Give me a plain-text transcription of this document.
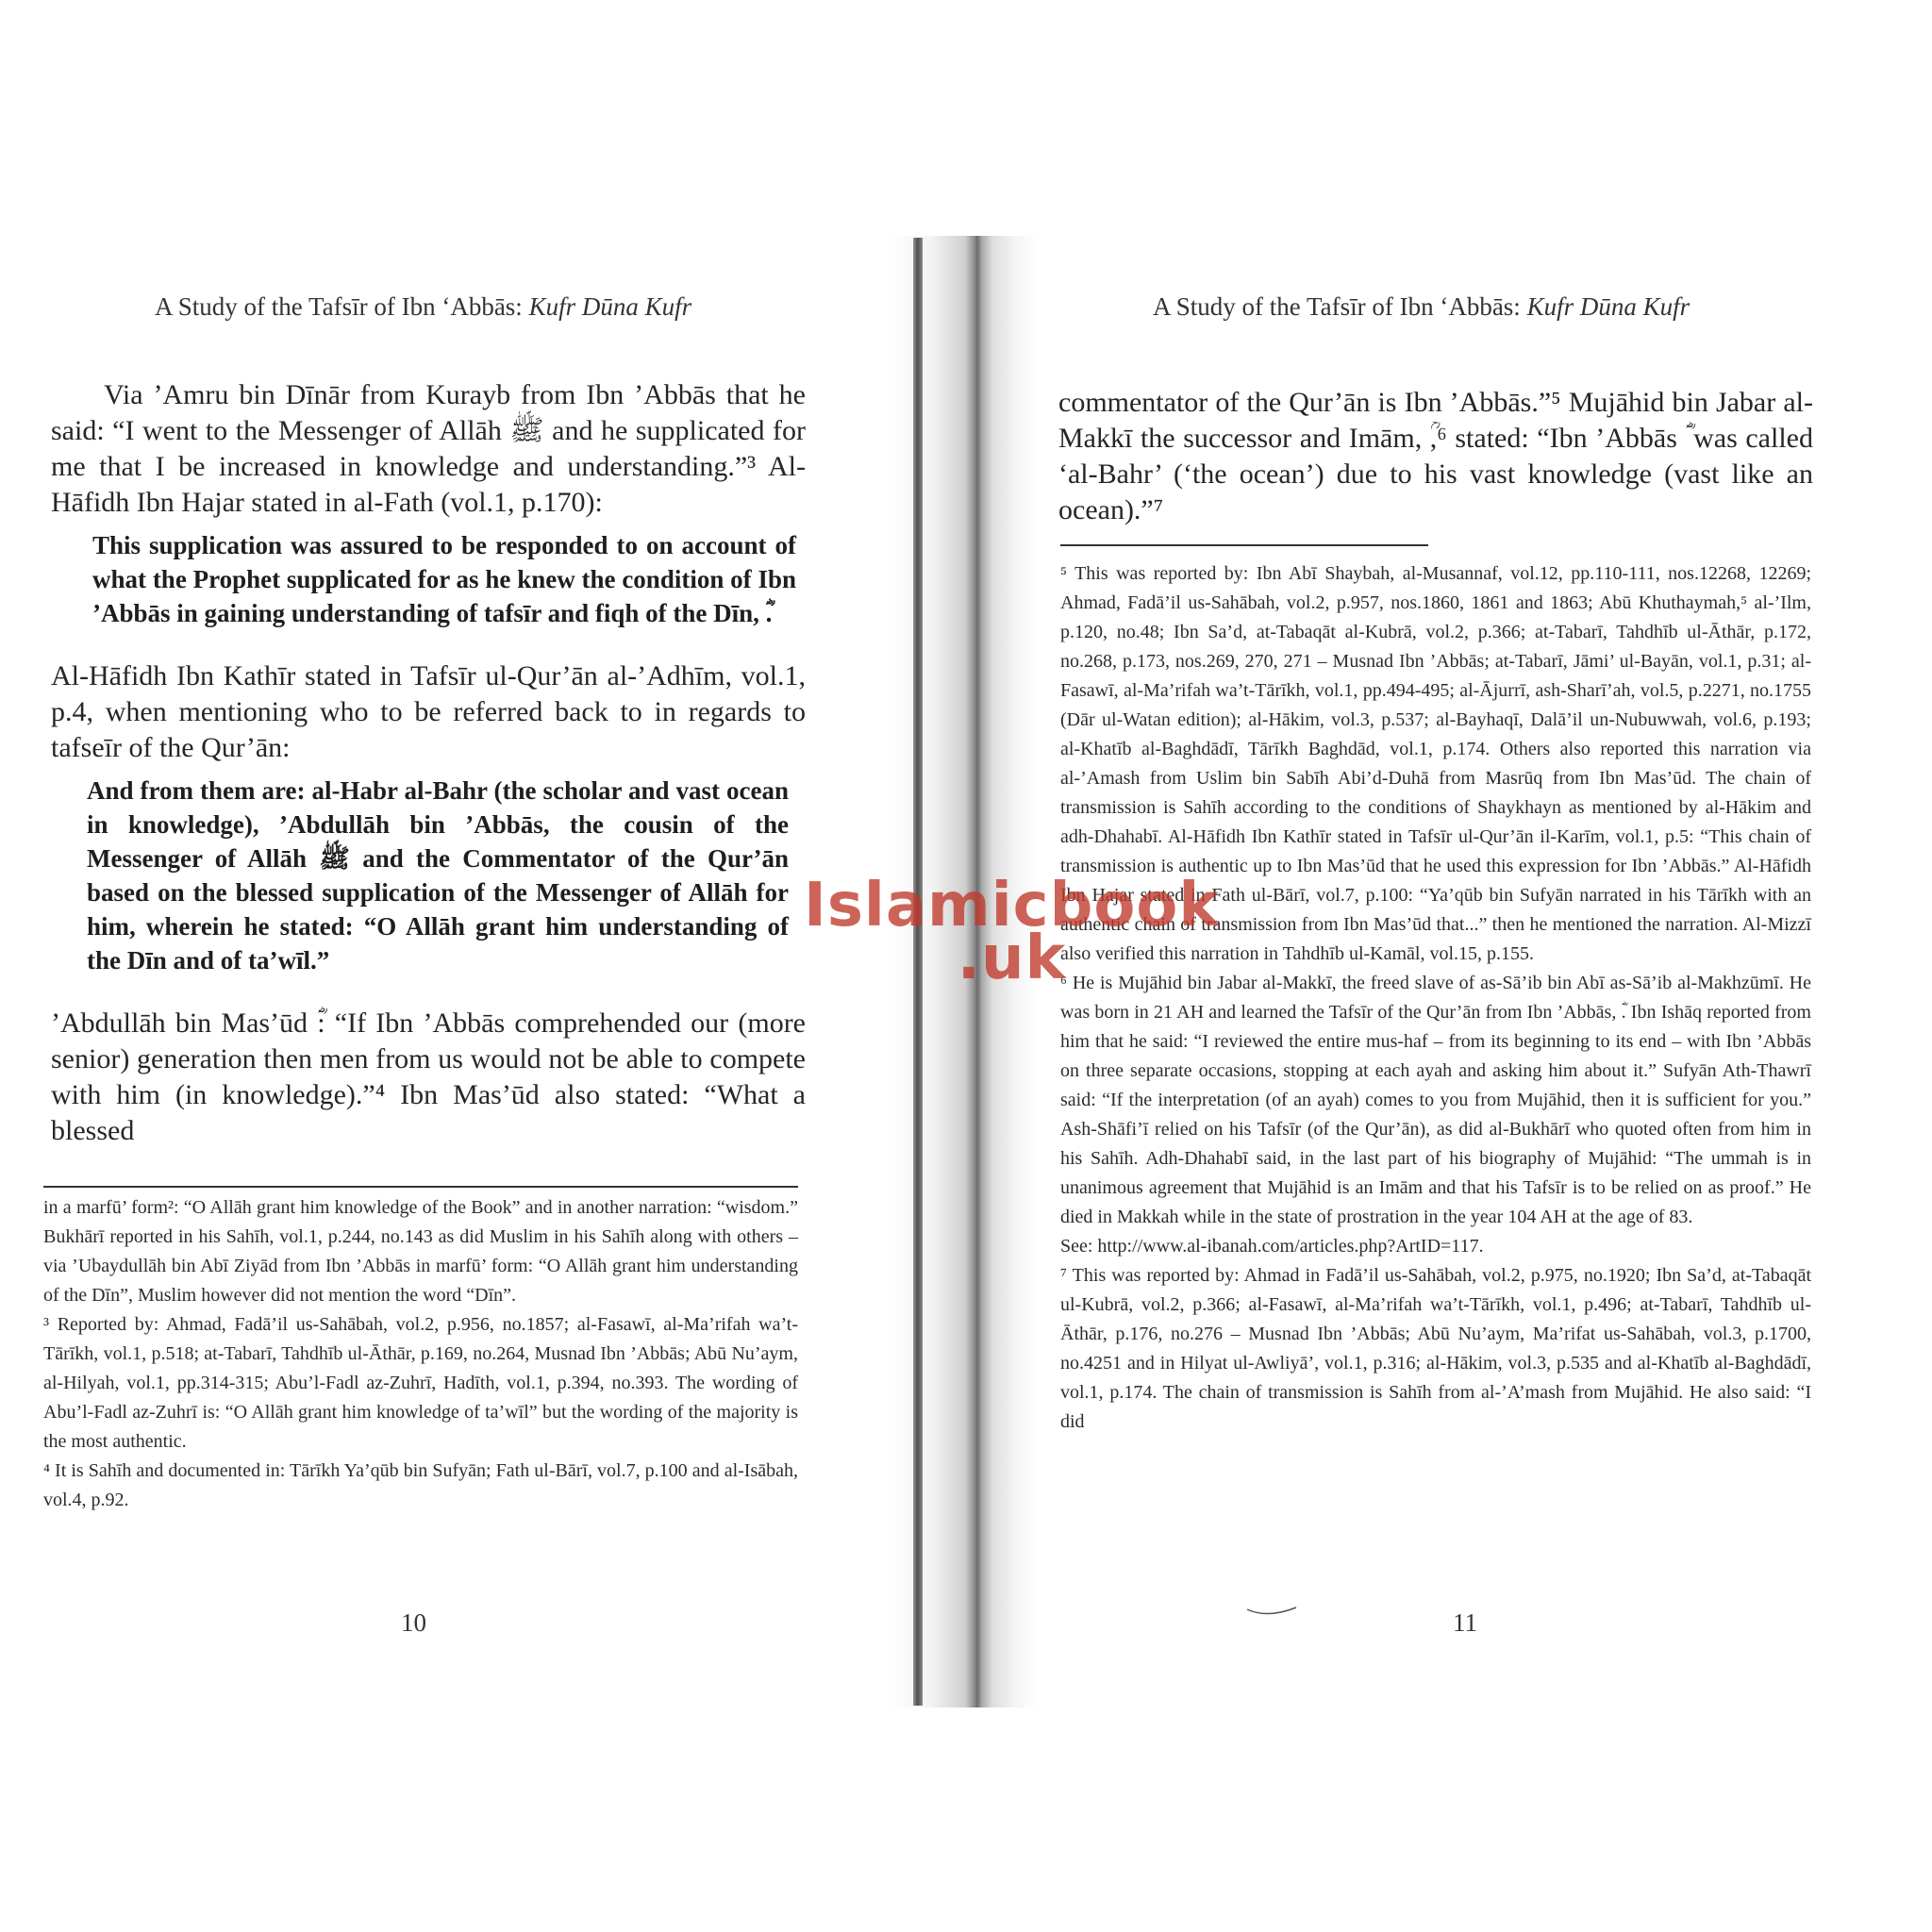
A Study of the Tafsīr of Ibn ‘Abbās: Kufr Dūna Kufr
Via ’Amru bin Dīnār from Kurayb from Ibn ’Abbās that he said: “I went to the Messenger of Allāh ﷺ and he supplicated for me that I be increased in knowledge and understanding.”³ Al-Hāfidh Ibn Hajar stated in al-Fath (vol.1, p.170):
This supplication was assured to be responded to on account of what the Prophet supplicated for as he knew the condition of Ibn ’Abbās in gaining understanding of tafsīr and fiqh of the Dīn, ؓ.
Al-Hāfidh Ibn Kathīr stated in Tafsīr ul-Qur’ān al-’Adhīm, vol.1, p.4, when mentioning who to be referred back to in regards to tafseīr of the Qur’ān:
And from them are: al-Habr al-Bahr (the scholar and vast ocean in knowledge), ’Abdullāh bin ’Abbās, the cousin of the Messenger of Allāh ﷺ and the Commentator of the Qur’ān based on the blessed supplication of the Messenger of Allāh for him, wherein he stated: “O Allāh grant him understanding of the Dīn and of ta’wīl.”
’Abdullāh bin Mas’ūd ؓ: “If Ibn ’Abbās comprehended our (more senior) generation then men from us would not be able to compete with him (in knowledge).”⁴ Ibn Mas’ūd also stated: “What a blessed

in a marfū’ form²: “O Allāh grant him knowledge of the Book” and in another narration: “wisdom.” Bukhārī reported in his Sahīh, vol.1, p.244, no.143 as did Muslim in his Sahīh along with others – via ’Ubaydullāh bin Abī Ziyād from Ibn ’Abbās in marfū’ form: “O Allāh grant him understanding of the Dīn”, Muslim however did not mention the word “Dīn”.

³ Reported by: Ahmad, Fadā’il us-Sahābah, vol.2, p.956, no.1857; al-Fasawī, al-Ma’rifah wa’t-Tārīkh, vol.1, p.518; at-Tabarī, Tahdhīb ul-Āthār, p.169, no.264, Musnad Ibn ’Abbās; Abū Nu’aym, al-Hilyah, vol.1, pp.314-315; Abu’l-Fadl az-Zuhrī, Hadīth, vol.1, p.394, no.393. The wording of Abu’l-Fadl az-Zuhrī is: “O Allāh grant him knowledge of ta’wīl” but the wording of the majority is the most authentic.

⁴ It is Sahīh and documented in: Tārīkh Ya’qūb bin Sufyān; Fath ul-Bārī, vol.7, p.100 and al-Isābah, vol.4, p.92.

10
A Study of the Tafsīr of Ibn ‘Abbās: Kufr Dūna Kufr
commentator of the Qur’ān is Ibn ’Abbās.”⁵ Mujāhid bin Jabar al-Makkī the successor and Imām, ؒ,⁶ stated: “Ibn ’Abbās ؓ was called ‘al-Bahr’ (‘the ocean’) due to his vast knowledge (vast like an ocean).”⁷

⁵ This was reported by: Ibn Abī Shaybah, al-Musannaf, vol.12, pp.110-111, nos.12268, 12269; Ahmad, Fadā’il us-Sahābah, vol.2, p.957, nos.1860, 1861 and 1863; Abū Khuthaymah,⁵ al-’Ilm, p.120, no.48; Ibn Sa’d, at-Tabaqāt al-Kubrā, vol.2, p.366; at-Tabarī, Tahdhīb ul-Āthār, p.172, no.268, p.173, nos.269, 270, 271 – Musnad Ibn ’Abbās; at-Tabarī, Jāmi’ ul-Bayān, vol.1, p.31; al-Fasawī, al-Ma’rifah wa’t-Tārīkh, vol.1, pp.494-495; al-Ājurrī, ash-Sharī’ah, vol.5, p.2271, no.1755 (Dār ul-Watan edition); al-Hākim, vol.3, p.537; al-Bayhaqī, Dalā’il un-Nubuwwah, vol.6, p.193; al-Khatīb al-Baghdādī, Tārīkh Baghdād, vol.1, p.174. Others also reported this narration via al-’Amash from Uslim bin Sabīh Abi’d-Duhā from Masrūq from Ibn Mas’ūd. The chain of transmission is Sahīh according to the conditions of Shaykhayn as mentioned by al-Hākim and adh-Dhahabī. Al-Hāfidh Ibn Kathīr stated in Tafsīr ul-Qur’ān il-Karīm, vol.1, p.5: “This chain of transmission is authentic up to Ibn Mas’ūd that he used this expression for Ibn ’Abbās.” Al-Hāfidh Ibn Hajar stated in Fath ul-Bārī, vol.7, p.100: “Ya’qūb bin Sufyān narrated in his Tārīkh with an authentic chain of transmission from Ibn Mas’ūd that...” then he mentioned the narration. Al-Mizzī also verified this narration in Tahdhīb ul-Kamāl, vol.15, p.155.

⁶ He is Mujāhid bin Jabar al-Makkī, the freed slave of as-Sā’ib bin Abī as-Sā’ib al-Makhzūmī. He was born in 21 AH and learned the Tafsīr of the Qur’ān from Ibn ’Abbās, ؓ. Ibn Ishāq reported from him that he said: “I reviewed the entire mus-haf – from its beginning to its end – with Ibn ’Abbās on three separate occasions, stopping at each ayah and asking him about it.” Sufyān Ath-Thawrī said: “If the interpretation (of an ayah) comes to you from Mujāhid, then it is sufficient for you.” Ash-Shāfi’ī relied on his Tafsīr (of the Qur’ān), as did al-Bukhārī who quoted often from him in his Sahīh. Adh-Dhahabī said, in the last part of his biography of Mujāhid: “The ummah is in unanimous agreement that Mujāhid is an Imām and that his Tafsīr is to be relied on as proof.” He died in Makkah while in the state of prostration in the year 104 AH at the age of 83.

See: http://www.al-ibanah.com/articles.php?ArtID=117.

⁷ This was reported by: Ahmad in Fadā’il us-Sahābah, vol.2, p.975, no.1920; Ibn Sa’d, at-Tabaqāt ul-Kubrā, vol.2, p.366; al-Fasawī, al-Ma’rifah wa’t-Tārīkh, vol.1, p.496; at-Tabarī, Tahdhīb ul-Āthār, p.176, no.276 – Musnad Ibn ’Abbās; Abū Nu’aym, Ma’rifat us-Sahābah, vol.3, p.1700, no.4251 and in Hilyat ul-Awliyā’, vol.1, p.316; al-Hākim, vol.3, p.535 and al-Khatīb al-Baghdādī, vol.1, p.174. The chain of transmission is Sahīh from al-’A’mash from Mujāhid. He also said: “I did

11
Islamicbook
.uk
